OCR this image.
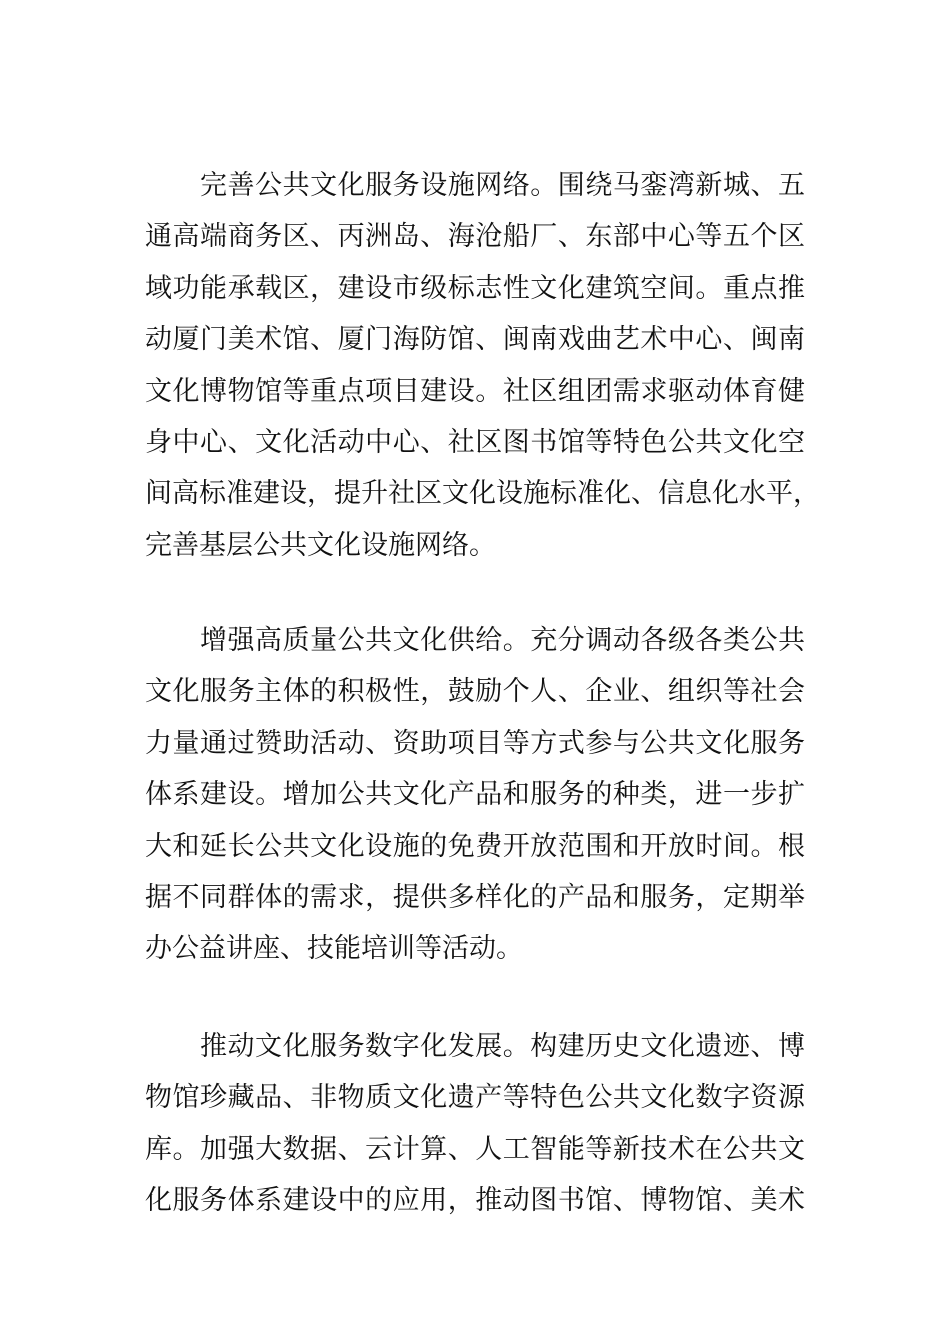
完善公共文化服务设施网络。围绕马銮湾新城、五
通高端商务区、丙洲岛、海沧船厂、东部中心等五个区
域功能承载区，建设市级标志性文化建筑空间。重点推
动厦门美术馆、厦门海防馆、闽南戏曲艺术中心、闽南
文化博物馆等重点项目建设。社区组团需求驱动体育健
身中心、文化活动中心、社区图书馆等特色公共文化空
间高标准建设，提升社区文化设施标准化、信息化水平，
完善基层公共文化设施网络。
增强高质量公共文化供给。充分调动各级各类公共
文化服务主体的积极性，鼓励个人、企业、组织等社会
力量通过赞助活动、资助项目等方式参与公共文化服务
体系建设。增加公共文化产品和服务的种类，进一步扩
大和延长公共文化设施的免费开放范围和开放时间。根
据不同群体的需求，提供多样化的产品和服务，定期举
办公益讲座、技能培训等活动。
推动文化服务数字化发展。构建历史文化遗迹、博
物馆珍藏品、非物质文化遗产等特色公共文化数字资源
库。加强大数据、云计算、人工智能等新技术在公共文
化服务体系建设中的应用，推动图书馆、博物馆、美术
